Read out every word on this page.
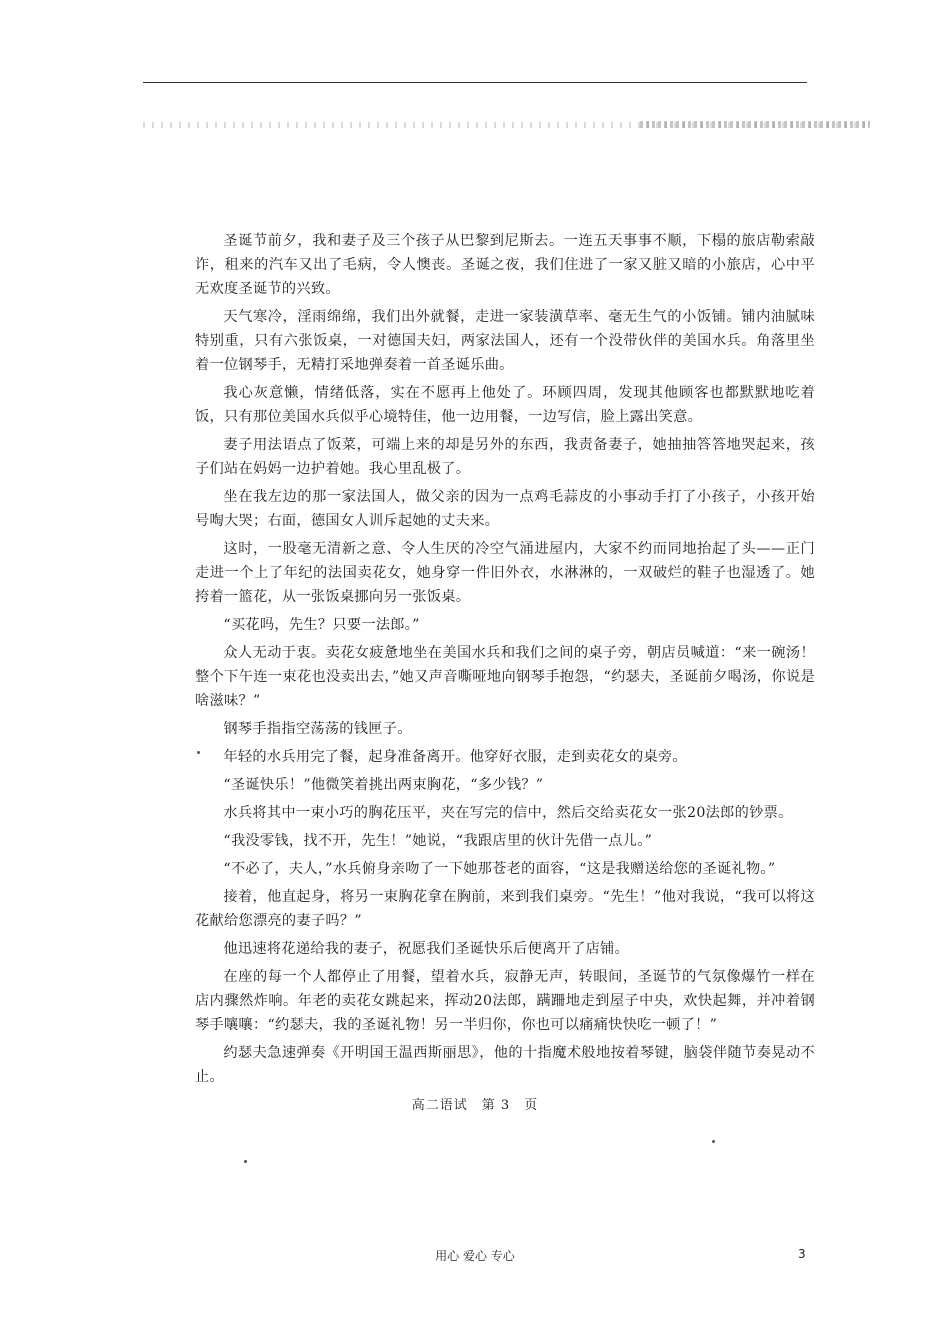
圣诞节前夕，我和妻子及三个孩子从巴黎到尼斯去。一连五天事事不顺，下榻的旅店勒索敲诈，租来的汽车又出了毛病，令人懊丧。圣诞之夜，我们住进了一家又脏又暗的小旅店，心中平无欢度圣诞节的兴致。

天气寒冷，淫雨绵绵，我们出外就餐，走进一家装潢草率、毫无生气的小饭铺。铺内油腻味特别重，只有六张饭桌，一对德国夫妇，两家法国人，还有一个没带伙伴的美国水兵。角落里坐着一位钢琴手，无精打采地弹奏着一首圣诞乐曲。

我心灰意懒，情绪低落，实在不愿再上他处了。环顾四周，发现其他顾客也都默默地吃着饭，只有那位美国水兵似乎心境特佳，他一边用餐，一边写信，脸上露出笑意。

妻子用法语点了饭菜，可端上来的却是另外的东西，我责备妻子，她抽抽答答地哭起来，孩子们站在妈妈一边护着她。我心里乱极了。

坐在我左边的那一家法国人，做父亲的因为一点鸡毛蒜皮的小事动手打了小孩子，小孩开始号啕大哭；右面，德国女人训斥起她的丈夫来。

这时，一股毫无清新之意、令人生厌的冷空气涌进屋内，大家不约而同地抬起了头——正门走进一个上了年纪的法国卖花女，她身穿一件旧外衣，水淋淋的，一双破烂的鞋子也湿透了。她挎着一篮花，从一张饭桌挪向另一张饭桌。

“买花吗，先生？只要一法郎。”

众人无动于衷。卖花女疲惫地坐在美国水兵和我们之间的桌子旁，朝店员喊道：“来一碗汤！整个下午连一束花也没卖出去，”她又声音嘶哑地向钢琴手抱怨，“约瑟夫，圣诞前夕喝汤，你说是啥滋味？”

钢琴手指指空荡荡的钱匣子。

年轻的水兵用完了餐，起身准备离开。他穿好衣服，走到卖花女的桌旁。

“圣诞快乐！”他微笑着挑出两束胸花，“多少钱？”

水兵将其中一束小巧的胸花压平，夹在写完的信中，然后交给卖花女一张20法郎的钞票。

“我没零钱，找不开，先生！”她说，“我跟店里的伙计先借一点儿。”

“不必了，夫人，”水兵俯身亲吻了一下她那苍老的面容，“这是我赠送给您的圣诞礼物。”

接着，他直起身，将另一束胸花拿在胸前，来到我们桌旁。“先生！”他对我说，“我可以将这花献给您漂亮的妻子吗？”

他迅速将花递给我的妻子，祝愿我们圣诞快乐后便离开了店铺。

在座的每一个人都停止了用餐，望着水兵，寂静无声，转眼间，圣诞节的气氛像爆竹一样在店内骤然炸响。年老的卖花女跳起来，挥动20法郎，蹒跚地走到屋子中央，欢快起舞，并冲着钢琴手嚷嚷：“约瑟夫，我的圣诞礼物！另一半归你，你也可以痛痛快快吃一顿了！”

约瑟夫急速弹奏《开明国王温西斯丽思》，他的十指魔术般地按着琴键，脑袋伴随节奏晃动不止。

高二语试　第 3　页
用心 爱心 专心	3
